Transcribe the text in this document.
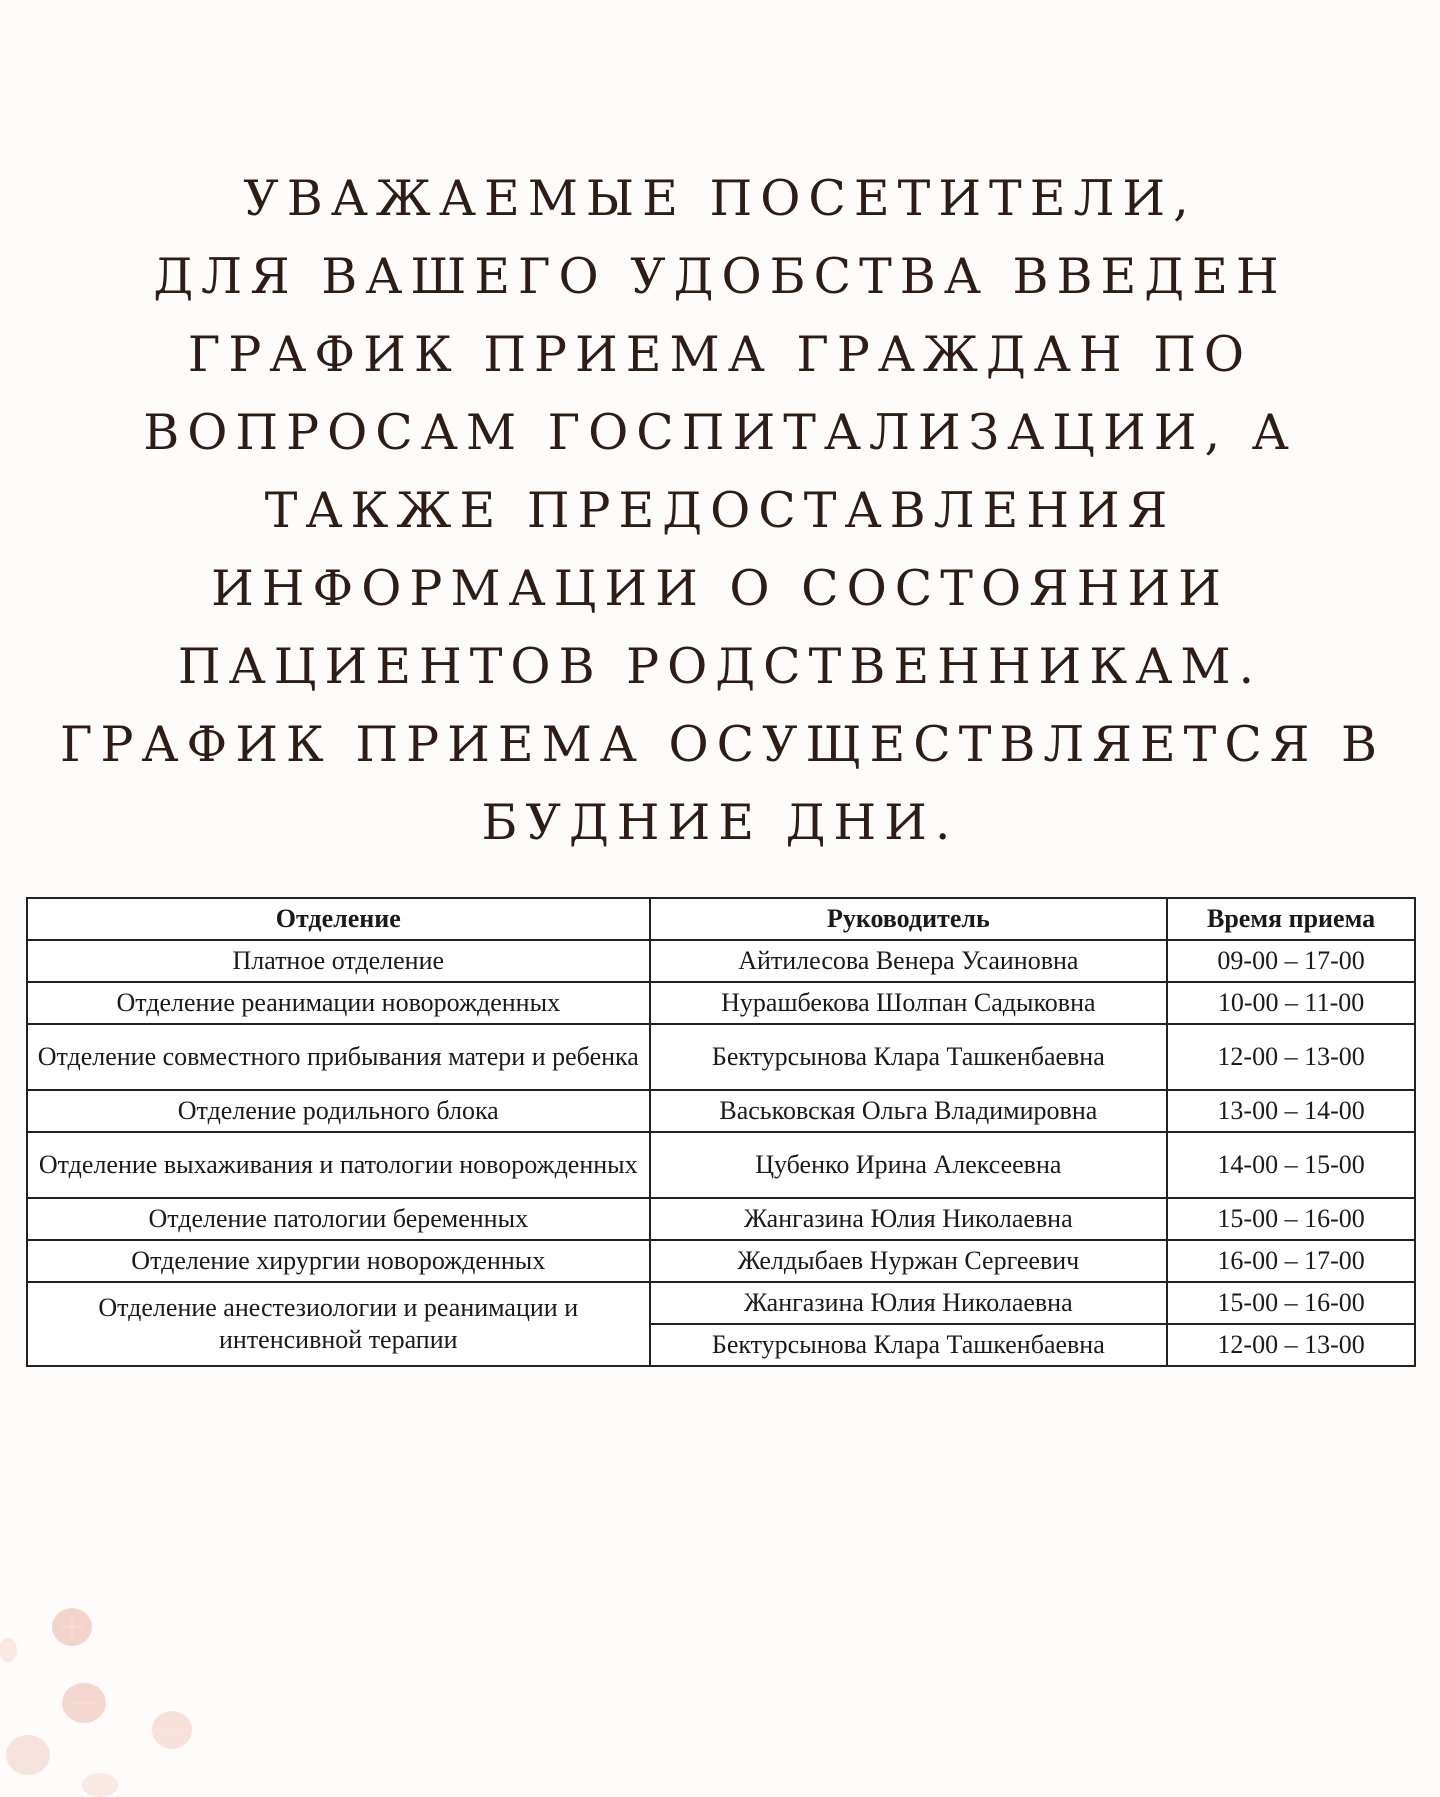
УВАЖАЕМЫЕ ПОСЕТИТЕЛИ,
ДЛЯ ВАШЕГО УДОБСТВА ВВЕДЕН
ГРАФИК ПРИЕМА ГРАЖДАН ПО
ВОПРОСАМ ГОСПИТАЛИЗАЦИИ, А
ТАКЖЕ ПРЕДОСТАВЛЕНИЯ
ИНФОРМАЦИИ О СОСТОЯНИИ
ПАЦИЕНТОВ РОДСТВЕННИКАМ.
ГРАФИК ПРИЕМА ОСУЩЕСТВЛЯЕТСЯ В
БУДНИЕ ДНИ.
Отделение	Руководитель	Время приема
Платное отделение	Айтилесова Венера Усаиновна	09-00 – 17-00
Отделение реанимации новорожденных	Нурашбекова Шолпан Садыковна	10-00 – 11-00
Отделение совместного прибывания матери и ребенка	Бектурсынова Клара Ташкенбаевна	12-00 – 13-00
Отделение родильного блока	Васьковская Ольга Владимировна	13-00 – 14-00
Отделение выхаживания и патологии новорожденных	Цубенко Ирина Алексеевна	14-00 – 15-00
Отделение патологии беременных	Жангазина Юлия Николаевна	15-00 – 16-00
Отделение хирургии новорожденных	Желдыбаев Нуржан Сергеевич	16-00 – 17-00
Отделение анестезиологии и реанимации и интенсивной терапии	Жангазина Юлия Николаевна	15-00 – 16-00
	Бектурсынова Клара Ташкенбаевна	12-00 – 13-00
